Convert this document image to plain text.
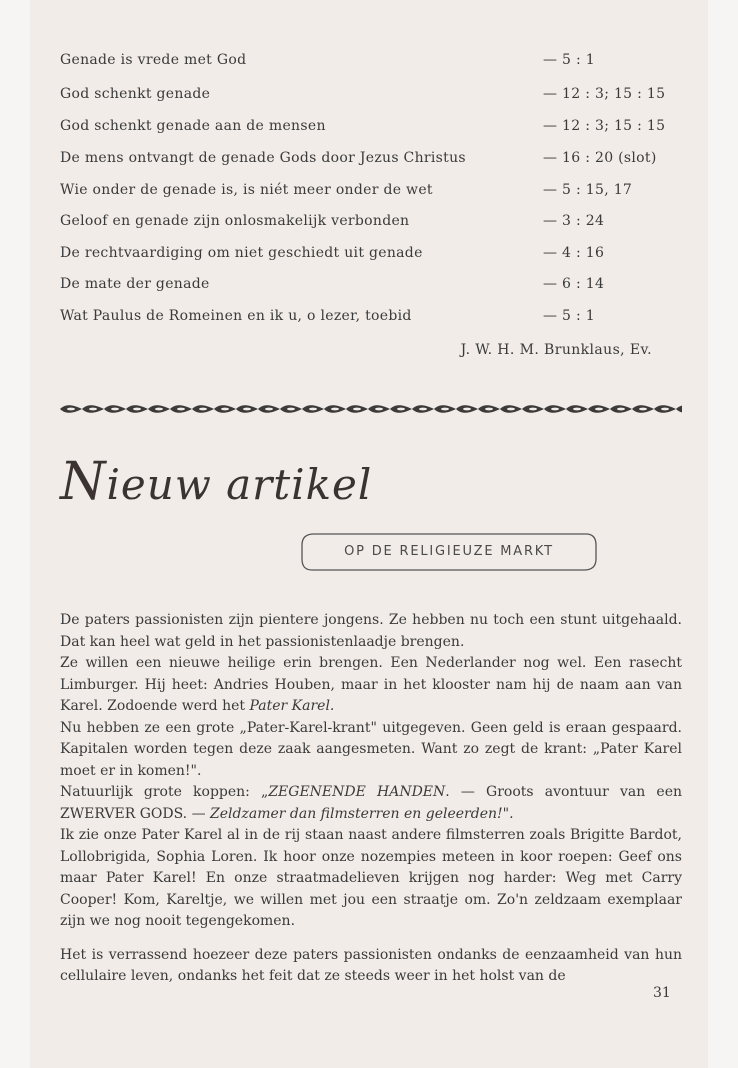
Genade is vrede met God	— 5 : 1
God schenkt genade	— 12 : 3; 15 : 15
God schenkt genade aan de mensen	— 12 : 3; 15 : 15
De mens ontvangt de genade Gods door Jezus Christus	— 16 : 20 (slot)
Wie onder de genade is, is niét meer onder de wet	— 5 : 15, 17
Geloof en genade zijn onlosmakelijk verbonden	— 3 : 24
De rechtvaardiging om niet geschiedt uit genade	— 4 : 16
De mate der genade	— 6 : 14
Wat Paulus de Romeinen en ik u, o lezer, toebid	— 5 : 1
J. W. H. M. Brunklaus, Ev.
Nieuw artikel
OP DE RELIGIEUZE MARKT

De paters passionisten zijn pientere jongens. Ze hebben nu toch een stunt uitgehaald. Dat kan heel wat geld in het passionistenlaadje brengen.

Ze willen een nieuwe heilige erin brengen. Een Nederlander nog wel. Een rasecht Limburger. Hij heet: Andries Houben, maar in het klooster nam hij de naam aan van Karel. Zodoende werd het Pater Karel.

Nu hebben ze een grote „Pater-Karel-krant" uitgegeven. Geen geld is eraan gespaard. Kapitalen worden tegen deze zaak aangesmeten. Want zo zegt de krant: „Pater Karel moet er in komen!".

Natuurlijk grote koppen: „ZEGENENDE HANDEN. — Groots avontuur van een ZWERVER GODS. — Zeldzamer dan filmsterren en geleerden!".

Ik zie onze Pater Karel al in de rij staan naast andere filmsterren zoals Brigitte Bardot, Lollobrigida, Sophia Loren. Ik hoor onze nozempies meteen in koor roepen: Geef ons maar Pater Karel! En onze straatmadelieven krijgen nog harder: Weg met Carry Cooper! Kom, Kareltje, we willen met jou een straatje om. Zo'n zeldzaam exemplaar zijn we nog nooit tegengekomen.

Het is verrassend hoezeer deze paters passionisten ondanks de eenzaamheid van hun cellulaire leven, ondanks het feit dat ze steeds weer in het holst van de

31
